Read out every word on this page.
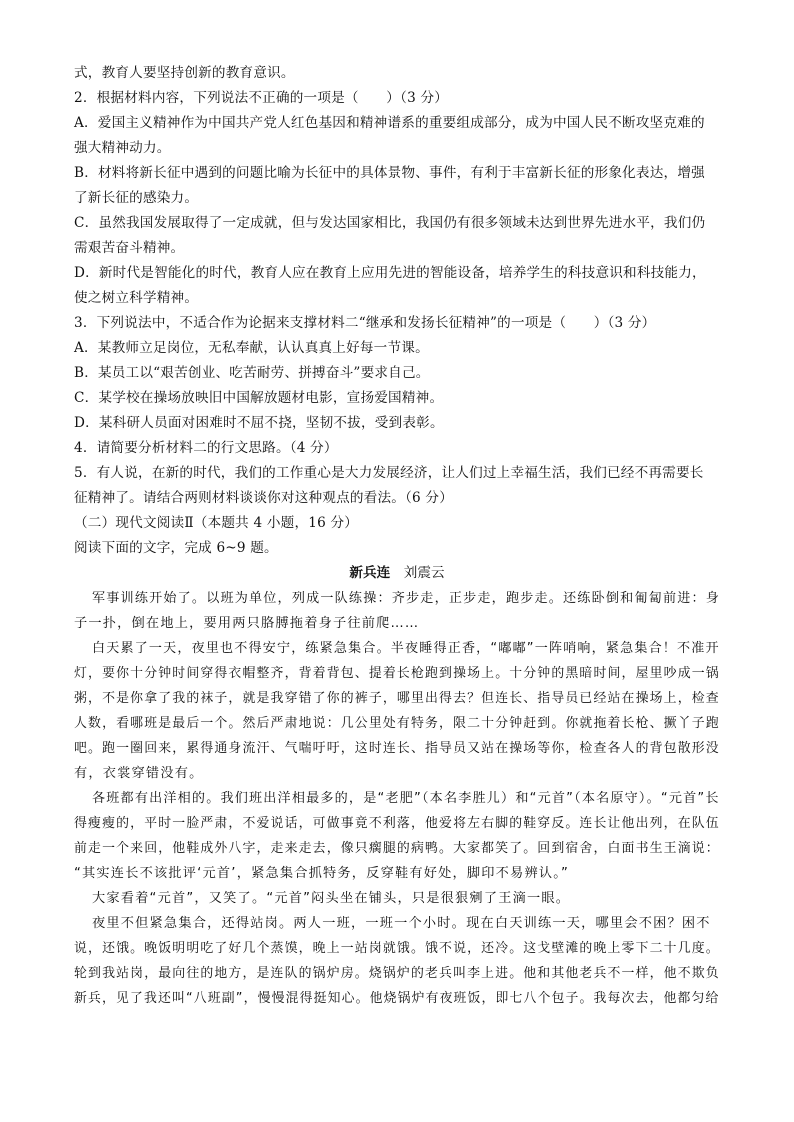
式，教育人要坚持创新的教育意识。
2．根据材料内容，下列说法不正确的一项是（　　）（3 分）
A．爱国主义精神作为中国共产党人红色基因和精神谱系的重要组成部分，成为中国人民不断攻坚克难的
强大精神动力。
B．材料将新长征中遇到的问题比喻为长征中的具体景物、事件，有利于丰富新长征的形象化表达，增强
了新长征的感染力。
C．虽然我国发展取得了一定成就，但与发达国家相比，我国仍有很多领域未达到世界先进水平，我们仍
需艰苦奋斗精神。
D．新时代是智能化的时代，教育人应在教育上应用先进的智能设备，培养学生的科技意识和科技能力，
使之树立科学精神。
3．下列说法中，不适合作为论据来支撑材料二“继承和发扬长征精神”的一项是（　　）（3 分）
A．某教师立足岗位，无私奉献，认认真真上好每一节课。
B．某员工以“艰苦创业、吃苦耐劳、拼搏奋斗”要求自己。
C．某学校在操场放映旧中国解放题材电影，宣扬爱国精神。
D．某科研人员面对困难时不屈不挠，坚韧不拔，受到表彰。
4．请简要分析材料二的行文思路。（4 分）
5．有人说，在新的时代，我们的工作重心是大力发展经济，让人们过上幸福生活，我们已经不再需要长
征精神了。请结合两则材料谈谈你对这种观点的看法。（6 分）
（二）现代文阅读Ⅱ（本题共 4 小题，16 分）
阅读下面的文字，完成 6~9 题。
新兵连　 刘震云
军事训练开始了。以班为单位，列成一队练操：齐步走，正步走，跑步走。还练卧倒和匍匐前进：身
子一扑，倒在地上，要用两只胳膊拖着身子往前爬……
白天累了一天，夜里也不得安宁，练紧急集合。半夜睡得正香，“嘟嘟”一阵哨响，紧急集合！不准开
灯，要你十分钟时间穿得衣帽整齐，背着背包、提着长枪跑到操场上。十分钟的黑暗时间，屋里吵成一锅
粥，不是你拿了我的袜子，就是我穿错了你的裤子，哪里出得去？但连长、指导员已经站在操场上，检查
人数，看哪班是最后一个。然后严肃地说：几公里处有特务，限二十分钟赶到。你就拖着长枪、撅丫子跑
吧。跑一圈回来，累得通身流汗、气喘吁吁，这时连长、指导员又站在操场等你，检查各人的背包散形没
有，衣裳穿错没有。
各班都有出洋相的。我们班出洋相最多的，是“老肥”（本名李胜儿）和“元首”（本名原守）。“元首”长
得瘦瘦的，平时一脸严肃，不爱说话，可做事竟不利落，他爱将左右脚的鞋穿反。连长让他出列，在队伍
前走一个来回，他鞋成外八字，走来走去，像只瘸腿的病鸭。大家都笑了。回到宿舍，白面书生王滴说：
“其实连长不该批评‘元首’，紧急集合抓特务，反穿鞋有好处，脚印不易辨认。”
大家看着“元首”，又笑了。“元首”闷头坐在铺头，只是很狠剜了王滴一眼。
夜里不但紧急集合，还得站岗。两人一班，一班一个小时。现在白天训练一天，哪里会不困？困不
说，还饿。晚饭明明吃了好几个蒸馍，晚上一站岗就饿。饿不说，还冷。这戈壁滩的晚上零下二十几度。
轮到我站岗，最向往的地方，是连队的锅炉房。烧锅炉的老兵叫李上进。他和其他老兵不一样，他不欺负
新兵，见了我还叫“八班副”，慢慢混得挺知心。他烧锅炉有夜班饭，即七八个包子。我每次去，他都匀给
